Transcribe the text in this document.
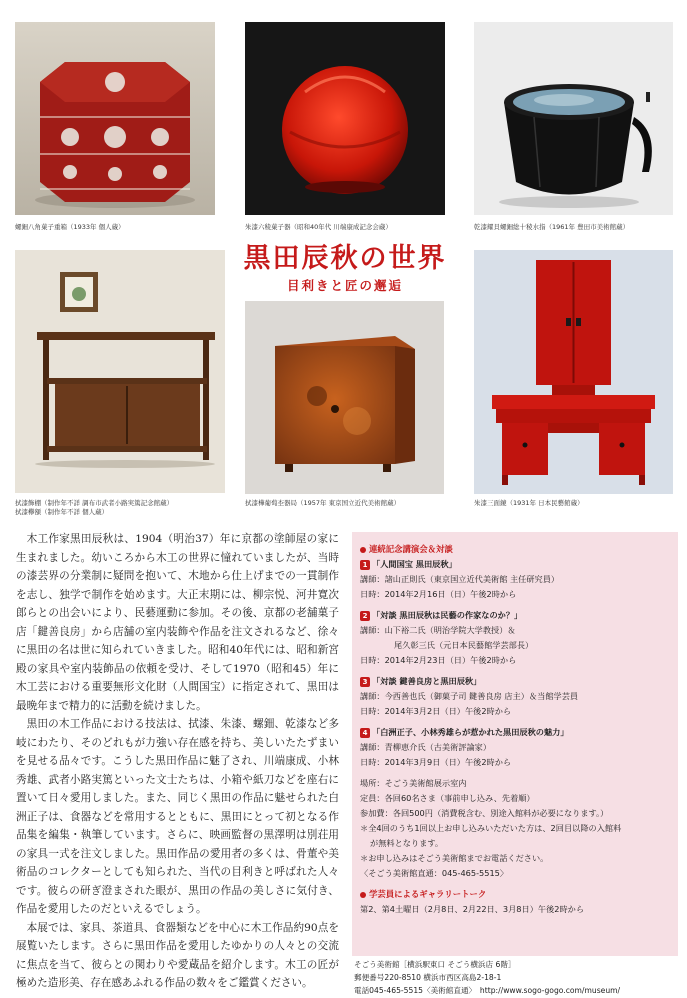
螺鈿八角菓子重箱（1933年 個人蔵）	朱漆六稜菓子器（昭和40年代 川端康成記念会蔵）	乾漆耀貝螺鈿総十稜水指（1961年 豊田市美術館蔵）
黒田辰秋の世界
目利きと匠の邂逅
拭漆飾棚（制作年不詳 調布市武者小路実篤記念館蔵）
拭漆欅額（制作年不詳 個人蔵）
拭漆樺葡萄杢器局（1957年 東京国立近代美術館蔵）	朱漆三面鏡（1931年 日本民藝館蔵）

木工作家黒田辰秋は、1904（明治37）年に京都の塗師屋の家に生まれました。幼いころから木工の世界に憧れていましたが、当時の漆芸界の分業制に疑問を抱いて、木地から仕上げまでの一貫制作を志し、独学で制作を始めます。大正末期には、柳宗悦、河井寛次郎らとの出会いにより、民藝運動に参加。その後、京都の老舗菓子店「鍵善良房」から店舗の室内装飾や作品を注文されるなど、徐々に黒田の名は世に知られていきました。昭和40年代には、昭和新宮殿の家具や室内装飾品の依頼を受け、そして1970（昭和45）年に木工芸における重要無形文化財（人間国宝）に指定されて、黒田は最晩年まで精力的に活動を続けました。

黒田の木工作品における技法は、拭漆、朱漆、螺鈿、乾漆など多岐にわたり、そのどれもが力強い存在感を持ち、美しいたたずまいを見せる品々です。こうした黒田作品に魅了され、川端康成、小林秀雄、武者小路実篤といった文士たちは、小箱や紙刀などを座右に置いて日々愛用しました。また、同じく黒田の作品に魅せられた白洲正子は、食器などを常用するとともに、黒田にとって初となる作品集を編集・執筆しています。さらに、映画監督の黒澤明は別荘用の家具一式を注文しました。黒田作品の愛用者の多くは、骨董や美術品のコレクターとしても知られた、当代の目利きと呼ばれた人々です。彼らの研ぎ澄まされた眼が、黒田の作品の美しさに気付き、作品を愛用したのだといえるでしょう。

本展では、家具、茶道具、食器類などを中心に木工作品約90点を展覧いたします。さらに黒田作品を愛用したゆかりの人々との交流に焦点を当て、彼らとの関わりや愛蔵品を紹介します。木工の匠が極めた造形美、存在感あふれる作品の数々をご鑑賞ください。

連続記念講演会＆対談
1 「人間国宝 黒田辰秋」
講師：諸山正則氏（東京国立近代美術館 主任研究員）
日時：2014年2月16日（日）午後2時から
2 「対談 黒田辰秋は民藝の作家なのか？」
講師：山下裕二氏（明治学院大学教授）＆
尾久彰三氏（元日本民藝館学芸部長）
日時：2014年2月23日（日）午後2時から
3 「対談 鍵善良房と黒田辰秋」
講師：今西善也氏（御菓子司 鍵善良房 店主）＆当館学芸員
日時：2014年3月2日（日）午後2時から
4 「白洲正子、小林秀雄らが惹かれた黒田辰秋の魅力」
講師：青柳恵介氏（古美術評論家）
日時：2014年3月9日（日）午後2時から
場所：そごう美術館展示室内
定員：各回60名さま（事前申し込み、先着順）
参加費：各回500円（消費税含む、別途入館料が必要になります。）
＊全4回のうち1回以上お申し込みいただいた方は、2回目以降の入館料
が無料となります。
＊お申し込みはそごう美術館までお電話ください。
〈そごう美術館直通：045-465-5515〉
学芸員によるギャラリートーク
第2、第4土曜日（2月8日、2月22日、3月8日）午後2時から
そごう美術館［横浜駅東口 そごう横浜店 6階］
郵便番号220-8510 横浜市西区高島2-18-1
電話045-465-5515〈美術館直通〉　http://www.sogo-gogo.com/museum/
